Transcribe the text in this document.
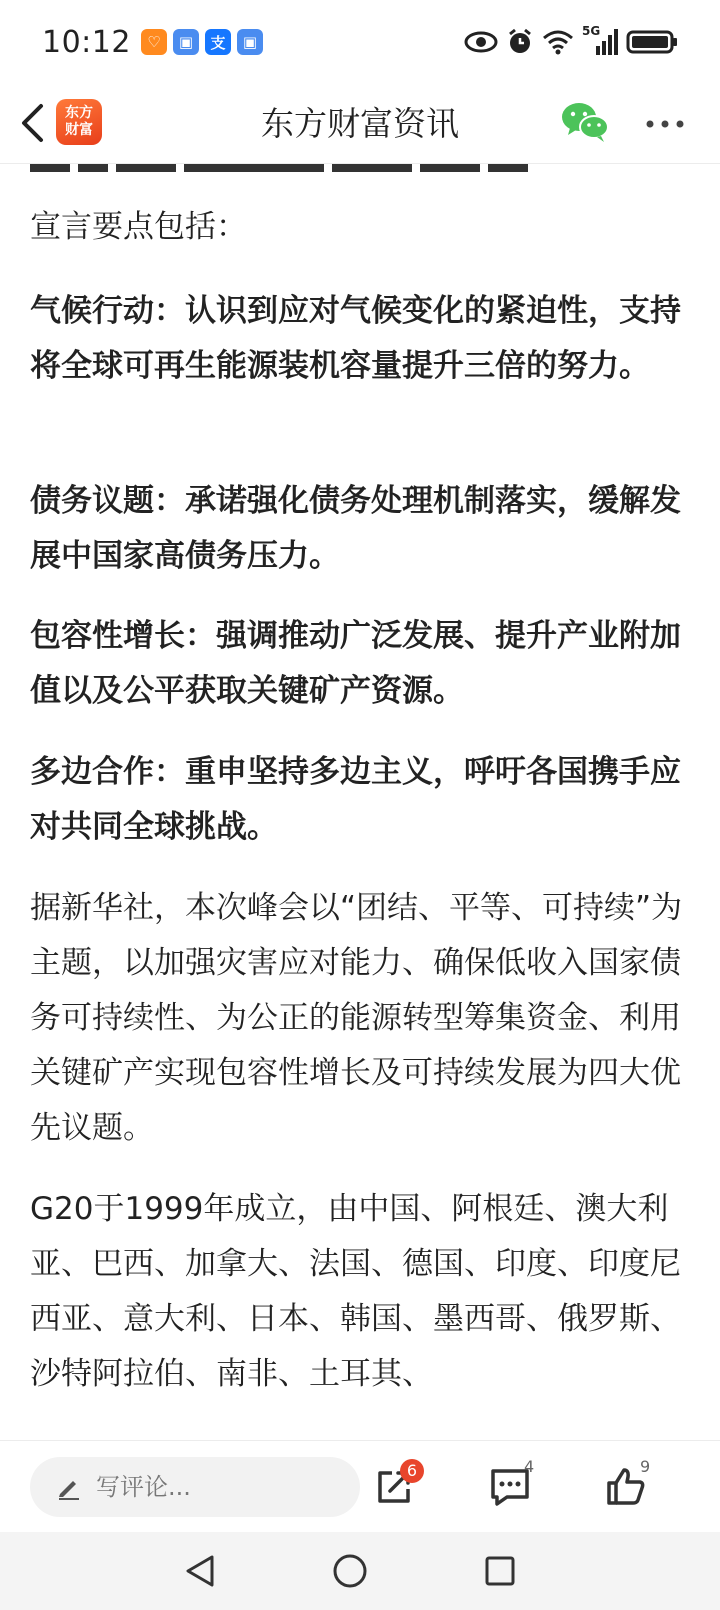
10:12	♡	▣	支	▣
5G
东方
财富	东方财富资讯

宣言要点包括：

气候行动：认识到应对气候变化的紧迫性，支持将全球可再生能源装机容量提升三倍的努力。

债务议题：承诺强化债务处理机制落实，缓解发展中国家高债务压力。

包容性增长：强调推动广泛发展、提升产业附加值以及公平获取关键矿产资源。

多边合作：重申坚持多边主义，呼吁各国携手应对共同全球挑战。

据新华社，本次峰会以“团结、平等、可持续”为主题，以加强灾害应对能力、确保低收入国家债务可持续性、为公正的能源转型筹集资金、利用关键矿产实现包容性增长及可持续发展为四大优先议题。

G20于1999年成立，由中国、阿根廷、澳大利亚、巴西、加拿大、法国、德国、印度、印度尼西亚、意大利、日本、韩国、墨西哥、俄罗斯、沙特阿拉伯、南非、土耳其、

写评论...
6	4	9
